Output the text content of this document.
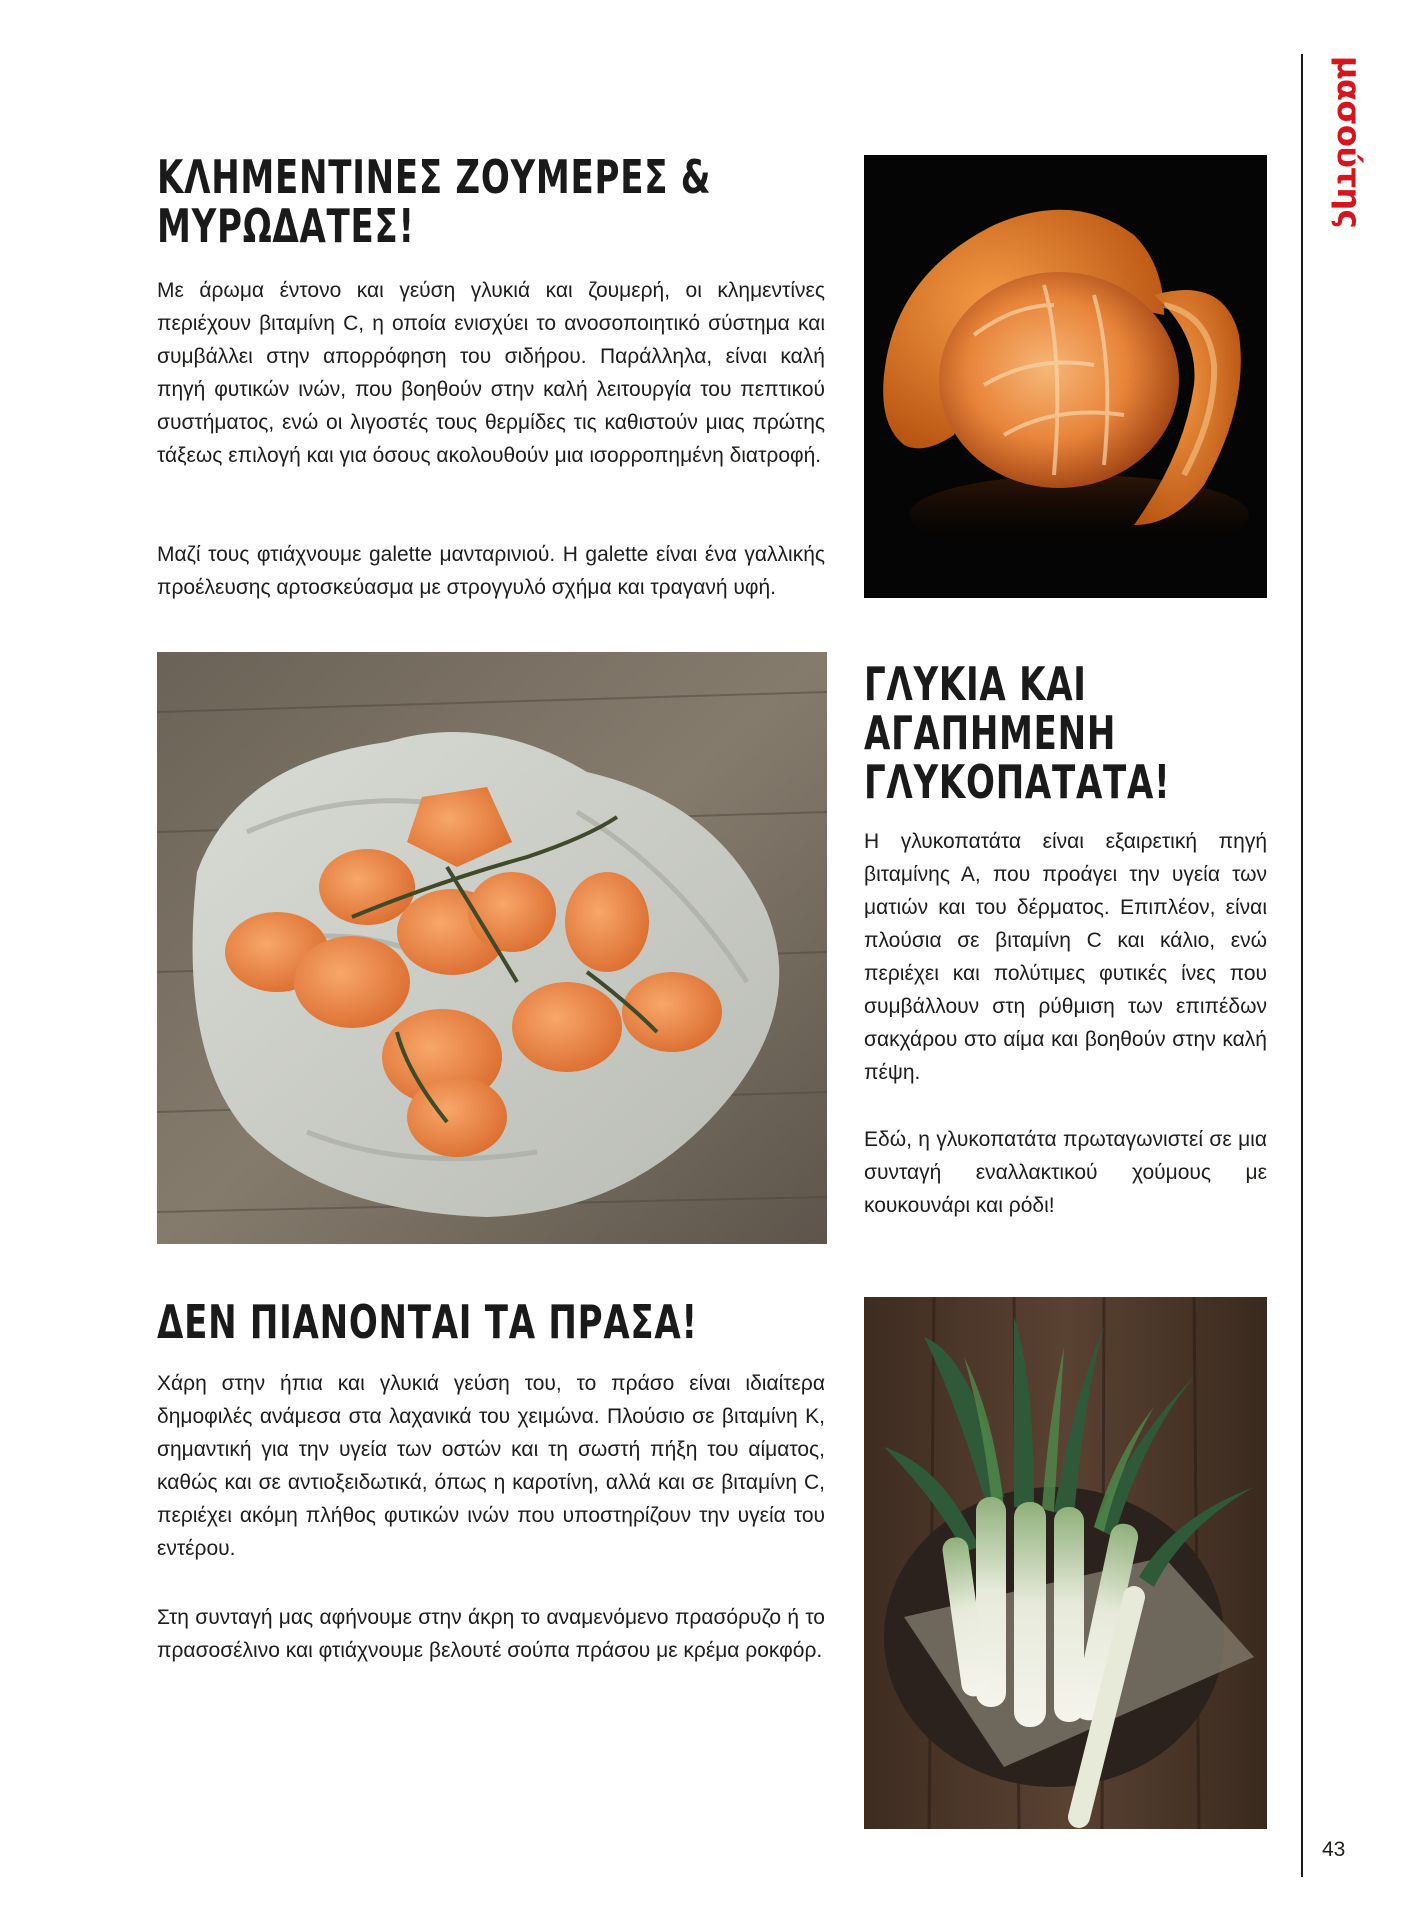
μασούτης
ΚΛΗΜΕΝΤΙΝΕΣ ΖΟΥΜΕΡΕΣ &
ΜΥΡΩΔΑΤΕΣ!

Με άρωμα έντονο και γεύση γλυκιά και ζουμερή, οι κλημεντίνες περιέχουν βιταμίνη C, η οποία ενισχύει το ανοσοποιητικό σύστημα και συμβάλλει στην απορρόφηση του σιδήρου. Παράλληλα, είναι καλή πηγή φυτικών ινών, που βοηθούν στην καλή λειτουργία του πεπτικού συστήματος, ενώ οι λιγοστές τους θερμίδες τις καθιστούν μιας πρώτης τάξεως επιλογή και για όσους ακολουθούν μια ισορροπημένη διατροφή.

Μαζί τους φτιάχνουμε galette μανταρινιού. Η galette είναι ένα γαλλικής προέλευσης αρτοσκεύασμα με στρογγυλό σχήμα και τραγανή υφή.

ΓΛΥΚΙΑ ΚΑΙ
ΑΓΑΠΗΜΕΝΗ
ΓΛΥΚΟΠΑΤΑΤΑ!

Η γλυκοπατάτα είναι εξαιρετική πηγή βιταμίνης Α, που προάγει την υγεία των ματιών και του δέρματος. Επιπλέον, είναι πλούσια σε βιταμίνη C και κάλιο, ενώ περιέχει και πολύτιμες φυτικές ίνες που συμβάλλουν στη ρύθμιση των επιπέδων σακχάρου στο αίμα και βοηθούν στην καλή πέψη.

Εδώ, η γλυκοπατάτα πρωταγωνιστεί σε μια συνταγή εναλλακτικού χούμους με κουκουνάρι και ρόδι!

ΔΕΝ ΠΙΑΝΟΝΤΑΙ ΤΑ ΠΡΑΣΑ!

Χάρη στην ήπια και γλυκιά γεύση του, το πράσο είναι ιδιαίτερα δημοφιλές ανάμεσα στα λαχανικά του χειμώνα. Πλούσιο σε βιταμίνη Κ, σημαντική για την υγεία των οστών και τη σωστή πήξη του αίματος, καθώς και σε αντιοξειδωτικά, όπως η καροτίνη, αλλά και σε βιταμίνη C, περιέχει ακόμη πλήθος φυτικών ινών που υποστηρίζουν την υγεία του εντέρου.

Στη συνταγή μας αφήνουμε στην άκρη το αναμενόμενο πρασόρυζο ή το πρασοσέλινο και φτιάχνουμε βελουτέ σούπα πράσου με κρέμα ροκφόρ.

43
